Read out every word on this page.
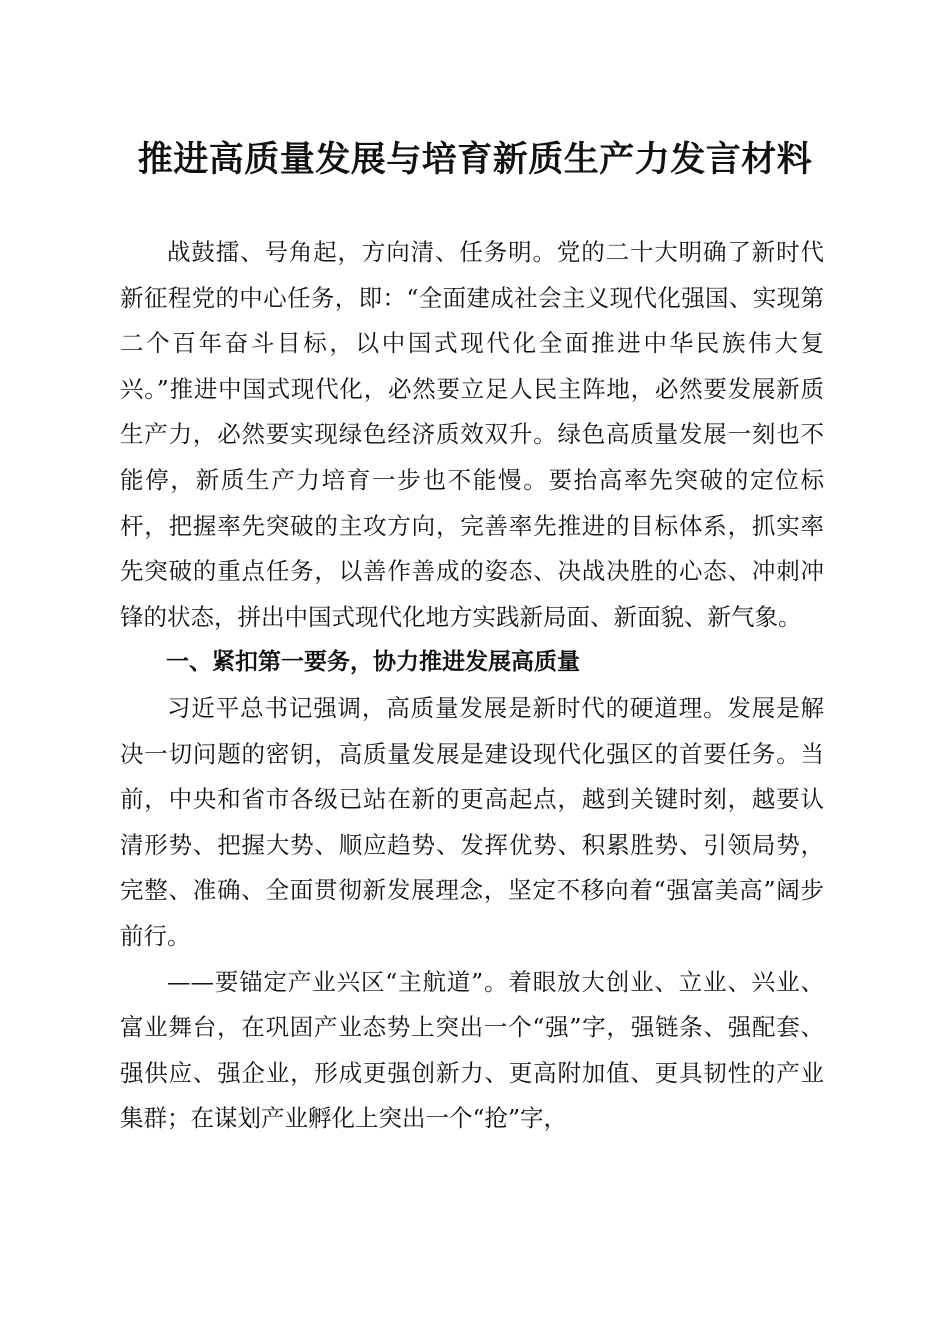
推进高质量发展与培育新质生产力发言材料

战鼓擂、号角起，方向清、任务明。党的二十大明确了新时代新征程党的中心任务，即：“全面建成社会主义现代化强国、实现第二个百年奋斗目标，以中国式现代化全面推进中华民族伟大复兴。”推进中国式现代化，必然要立足人民主阵地，必然要发展新质生产力，必然要实现绿色经济质效双升。绿色高质量发展一刻也不能停，新质生产力培育一步也不能慢。要抬高率先突破的定位标杆，把握率先突破的主攻方向，完善率先推进的目标体系，抓实率先突破的重点任务，以善作善成的姿态、决战决胜的心态、冲刺冲锋的状态，拼出中国式现代化地方实践新局面、新面貌、新气象。

一、紧扣第一要务，协力推进发展高质量

习近平总书记强调，高质量发展是新时代的硬道理。发展是解决一切问题的密钥，高质量发展是建设现代化强区的首要任务。当前，中央和省市各级已站在新的更高起点，越到关键时刻，越要认清形势、把握大势、顺应趋势、发挥优势、积累胜势、引领局势，完整、准确、全面贯彻新发展理念，坚定不移向着“强富美高”阔步前行。

——要锚定产业兴区“主航道”。着眼放大创业、立业、兴业、富业舞台，在巩固产业态势上突出一个“强”字，强链条、强配套、强供应、强企业，形成更强创新力、更高附加值、更具韧性的产业集群；在谋划产业孵化上突出一个“抢”字，
